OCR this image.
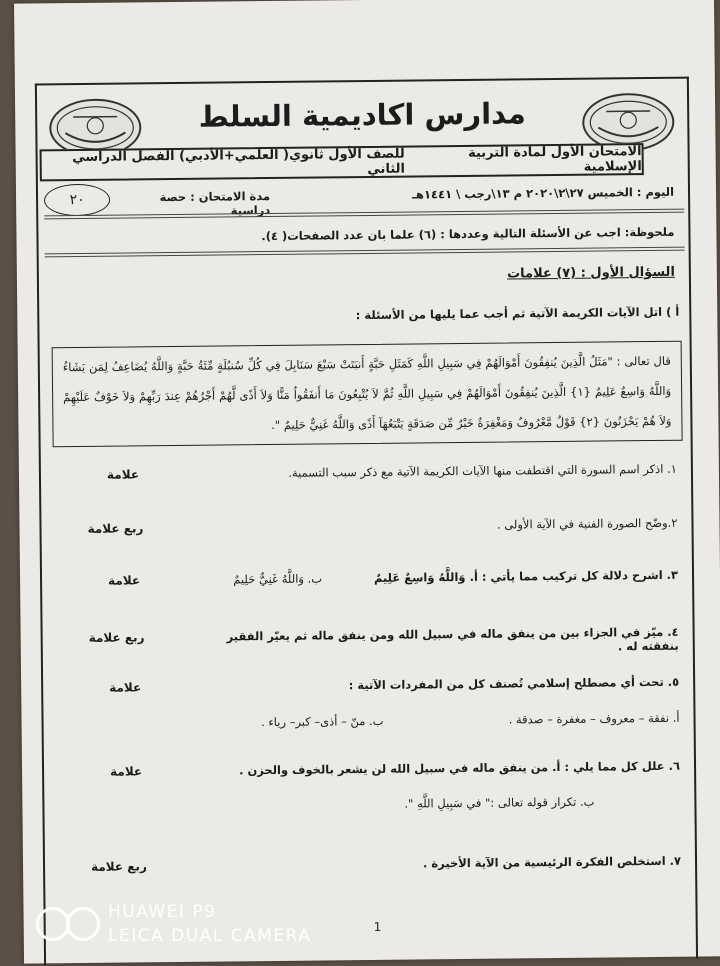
مدارس اكاديمية السلط
الامتحان الأول لمادة التربية الإسلامية
للصف الأول ثانوي( العلمي+الأدبي) الفصل الدراسي الثاني
اليوم : الخميس ٢٧\٢\٢٠٢٠ م ١٣\رجب \ ١٤٤١هـ
مدة الامتحان : حصة دراسية
٢٠
ملحوظة: اجب عن الأسئلة التالية وعددها : (٦) علما بان عدد الصفحات( ٤).
السؤال الأول : (٧) علامات
أ ) اتل الآيات الكريمة الآتية ثم أجب عما يليها من الأسئلة :
قال تعالى : "مَثَلُ الَّذِينَ يُنفِقُونَ أَمْوَالَهُمْ فِي سَبِيلِ اللَّهِ كَمَثَلِ حَبَّةٍ أَنبَتَتْ سَبْعَ سَنَابِلَ فِي كُلِّ سُنبُلَةٍ مِّئَةُ حَبَّةٍ وَاللَّهُ يُضَاعِفُ لِمَن يَشَاءُ وَاللَّهُ وَاسِعٌ عَلِيمٌ {١} الَّذِينَ يُنفِقُونَ أَمْوَالَهُمْ فِي سَبِيلِ اللَّهِ ثُمَّ لاَ يُتْبِعُونَ مَا أَنفَقُواُ مَنًّا وَلاَ أَذًى لَّهُمْ أَجْرُهُمْ عِندَ رَبِّهِمْ وَلاَ خَوْفٌ عَلَيْهِمْ وَلاَ هُمْ يَحْزَنُونَ {٢} قَوْلٌ مَّعْرُوفٌ وَمَغْفِرَةٌ خَيْرٌ مِّن صَدَقَةٍ يَتْبَعُهَآ أَذًى وَاللَّهُ غَنِيٌّ حَلِيمٌ ".
١. اذكر اسم السورة التي اقتطفت منها الآيات الكريمة الآتية مع ذكر سبب التسمية.
علامة
٢.وضّح الصورة الفنية في الآية الأولى .
ربع علامة
٣. اشرح دلالة كل تركيب مما يأتي : أ. وَاللَّهُ وَاسِعٌ عَلِيمٌ
ب. وَاللَّهُ غَنِيٌّ حَلِيمٌ
علامة
٤. ميّز في الجزاء بين من ينفق ماله في سبيل الله ومن ينفق ماله ثم يعيّر الفقير بنفقته له .
ربع علامة
٥. تحت أي مصطلح إسلامي تُصنف كل من المفردات الآتية :
علامة
أ. نفقة – معروف – مغفرة – صدقة .
ب. منّ – أذى– كبر– رياء .
٦. علل كل مما يلي : أ. من ينفق ماله في سبيل الله لن يشعر بالخوف والحزن .
علامة
ب. تكرار قوله تعالى :" في سَبِيلِ اللَّهِ ".
٧. استخلص الفكرة الرئيسية من الآية الأخيرة .
ربع علامة
1
HUAWEI P9
LEICA DUAL CAMERA
